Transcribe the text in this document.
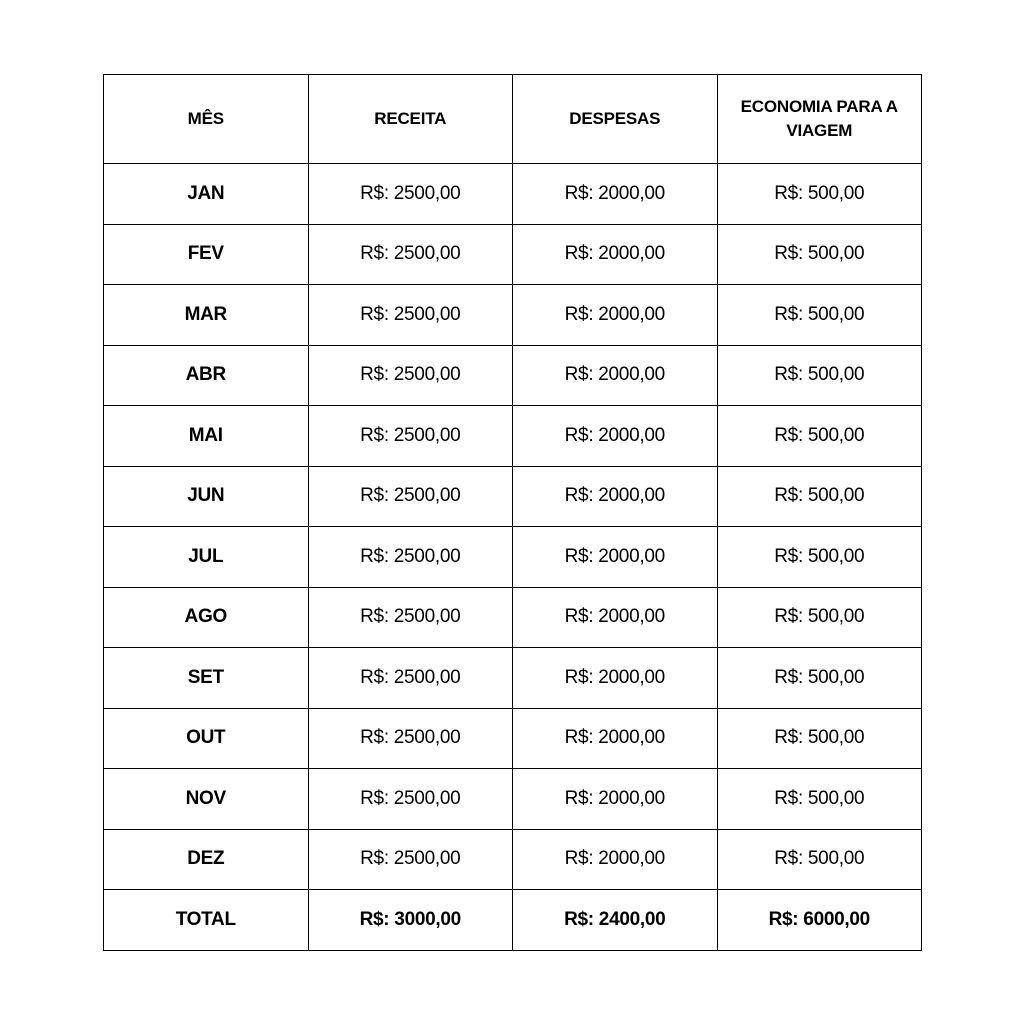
MÊS	RECEITA	DESPESAS	ECONOMIA PARA A VIAGEM
JAN	R$: 2500,00	R$: 2000,00	R$: 500,00
FEV	R$: 2500,00	R$: 2000,00	R$: 500,00
MAR	R$: 2500,00	R$: 2000,00	R$: 500,00
ABR	R$: 2500,00	R$: 2000,00	R$: 500,00
MAI	R$: 2500,00	R$: 2000,00	R$: 500,00
JUN	R$: 2500,00	R$: 2000,00	R$: 500,00
JUL	R$: 2500,00	R$: 2000,00	R$: 500,00
AGO	R$: 2500,00	R$: 2000,00	R$: 500,00
SET	R$: 2500,00	R$: 2000,00	R$: 500,00
OUT	R$: 2500,00	R$: 2000,00	R$: 500,00
NOV	R$: 2500,00	R$: 2000,00	R$: 500,00
DEZ	R$: 2500,00	R$: 2000,00	R$: 500,00
TOTAL	R$: 3000,00	R$: 2400,00	R$: 6000,00
